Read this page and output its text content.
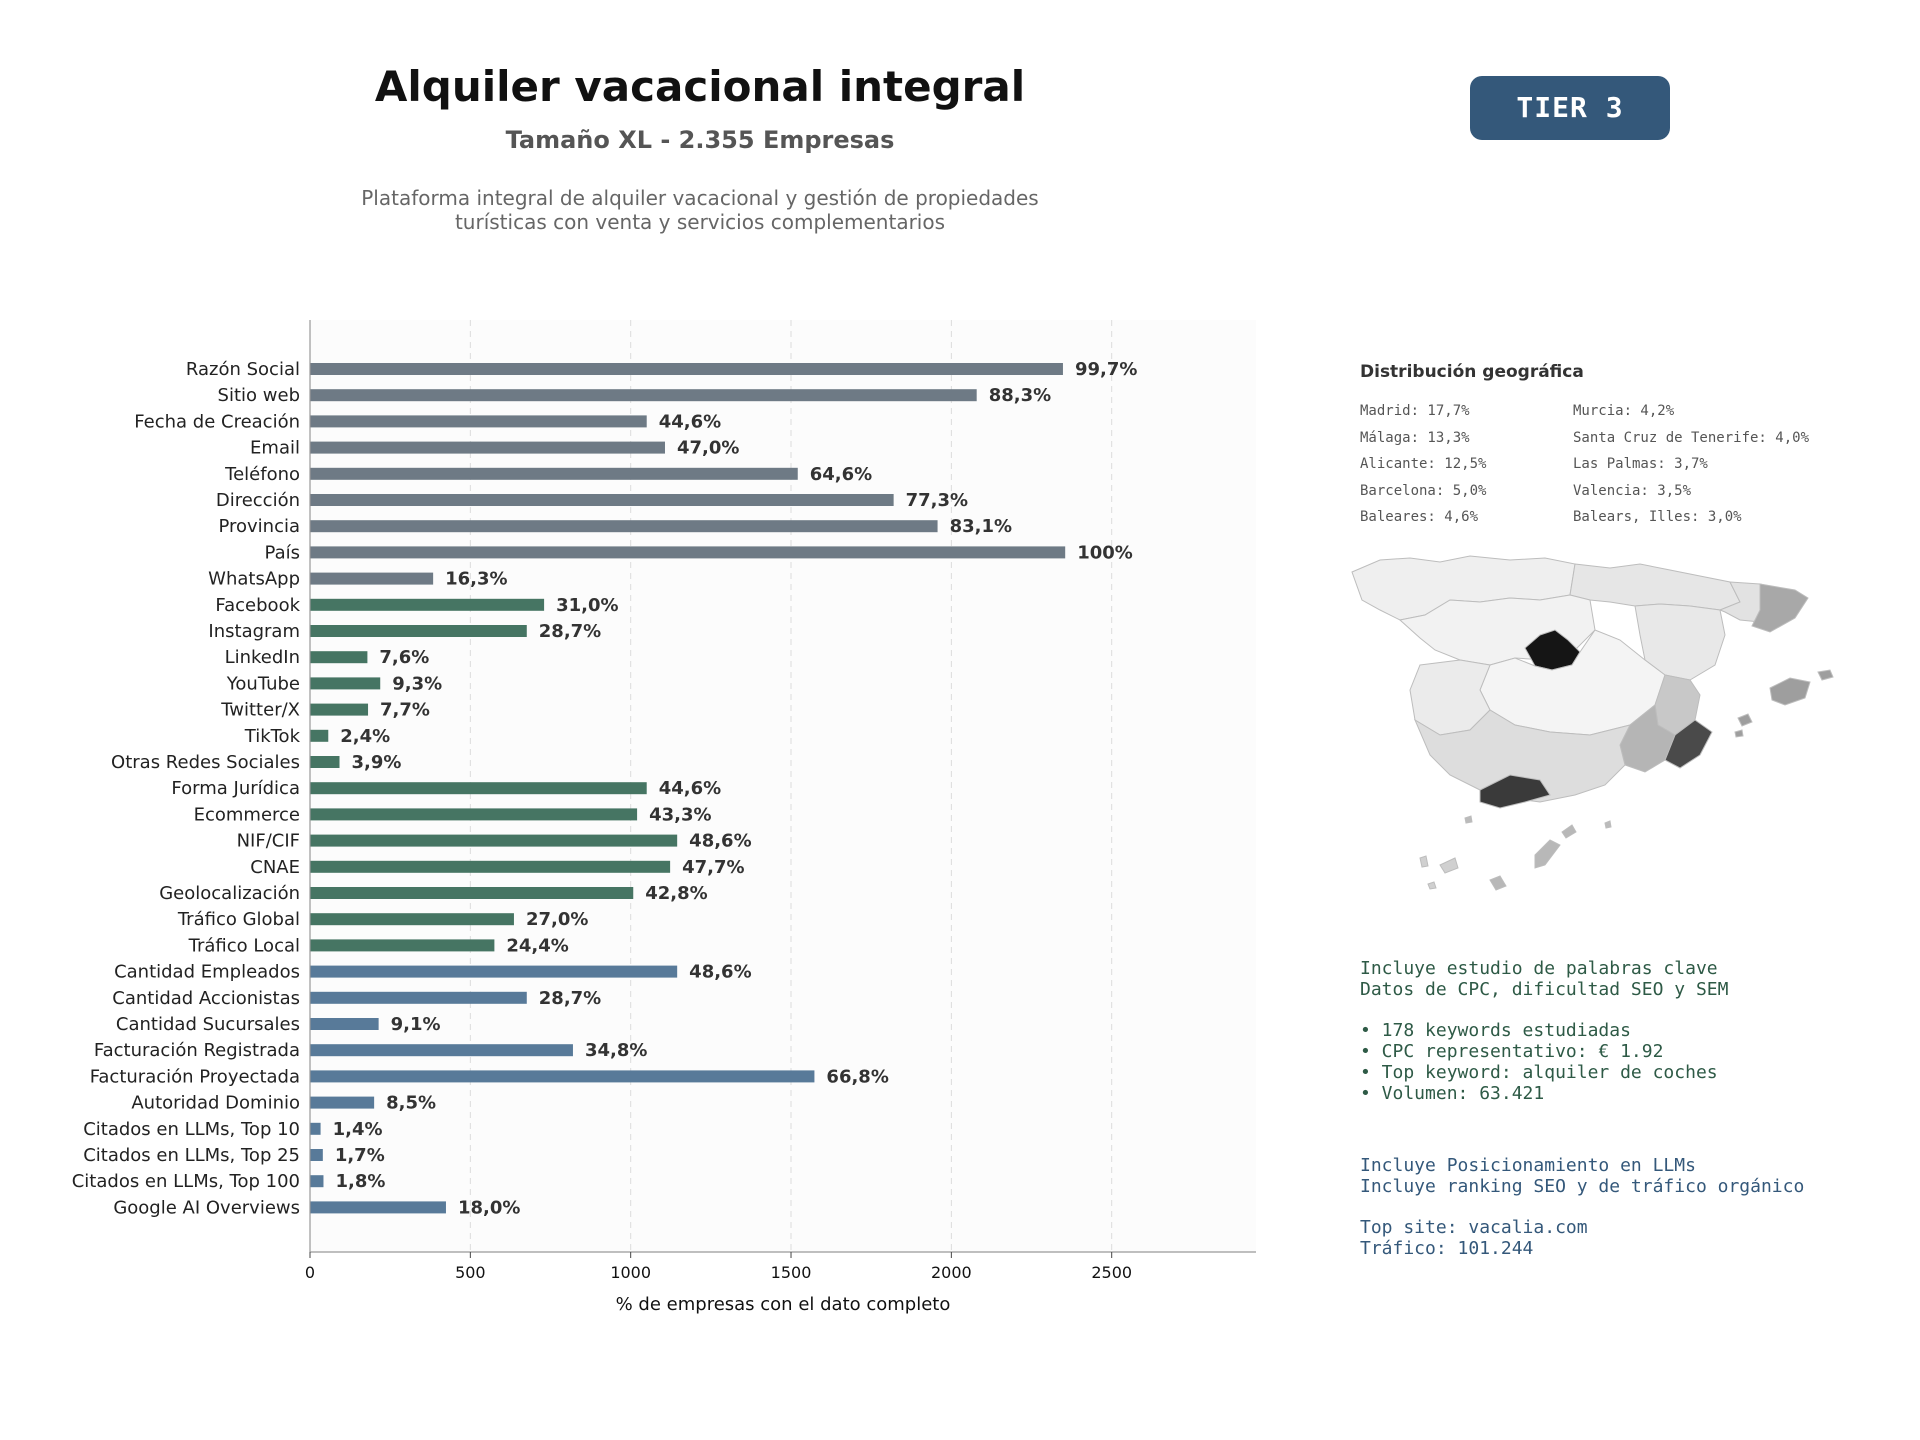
Alquiler vacacional integral
Tamaño XL - 2.355 Empresas
Plataforma integral de alquiler vacacional y gestión de propiedades
turísticas con venta y servicios complementarios
TIER 3
Razón Social	99,7%
Sitio web	88,3%
Fecha de Creación	44,6%
Email	47,0%
Teléfono	64,6%
Dirección	77,3%
Provincia	83,1%
País	100%
WhatsApp	16,3%
Facebook	31,0%
Instagram	28,7%
LinkedIn	7,6%
YouTube	9,3%
Twitter/X	7,7%
TikTok 2,4%
Otras Redes Sociales	3,9%
Forma Jurídica	44,6%
Ecommerce	43,3%
NIF/CIF	48,6%
CNAE	47,7%
Geolocalización	42,8%
Tráfico Global	27,0%
Tráfico Local	24,4%
Cantidad Empleados	48,6%
Cantidad Accionistas	28,7%
Cantidad Sucursales	9,1%
Facturación Registrada	34,8%
Facturación Proyectada	66,8%
Autoridad Dominio	8,5%
Citados en LLMs, Top 10 1,4%
Citados en LLMs, Top 25 1,7%
Citados en LLMs, Top 100 1,8%
Google AI Overviews	18,0%
0	500	1000	1500	2000	2500
% de empresas con el dato completo
Distribución geográfica
Madrid: 17,7%	Murcia: 4,2%
Málaga: 13,3%	Santa Cruz de Tenerife: 4,0%
Alicante: 12,5%	Las Palmas: 3,7%
Barcelona: 5,0%	Valencia: 3,5%
Baleares: 4,6%	Balears, Illes: 3,0%
Incluye estudio de palabras clave
Datos de CPC, dificultad SEO y SEM
• 178 keywords estudiadas
• CPC representativo: € 1.92
• Top keyword: alquiler de coches
• Volumen: 63.421
Incluye Posicionamiento en LLMs
Incluye ranking SEO y de tráfico orgánico
Top site: vacalia.com
Tráfico: 101.244
